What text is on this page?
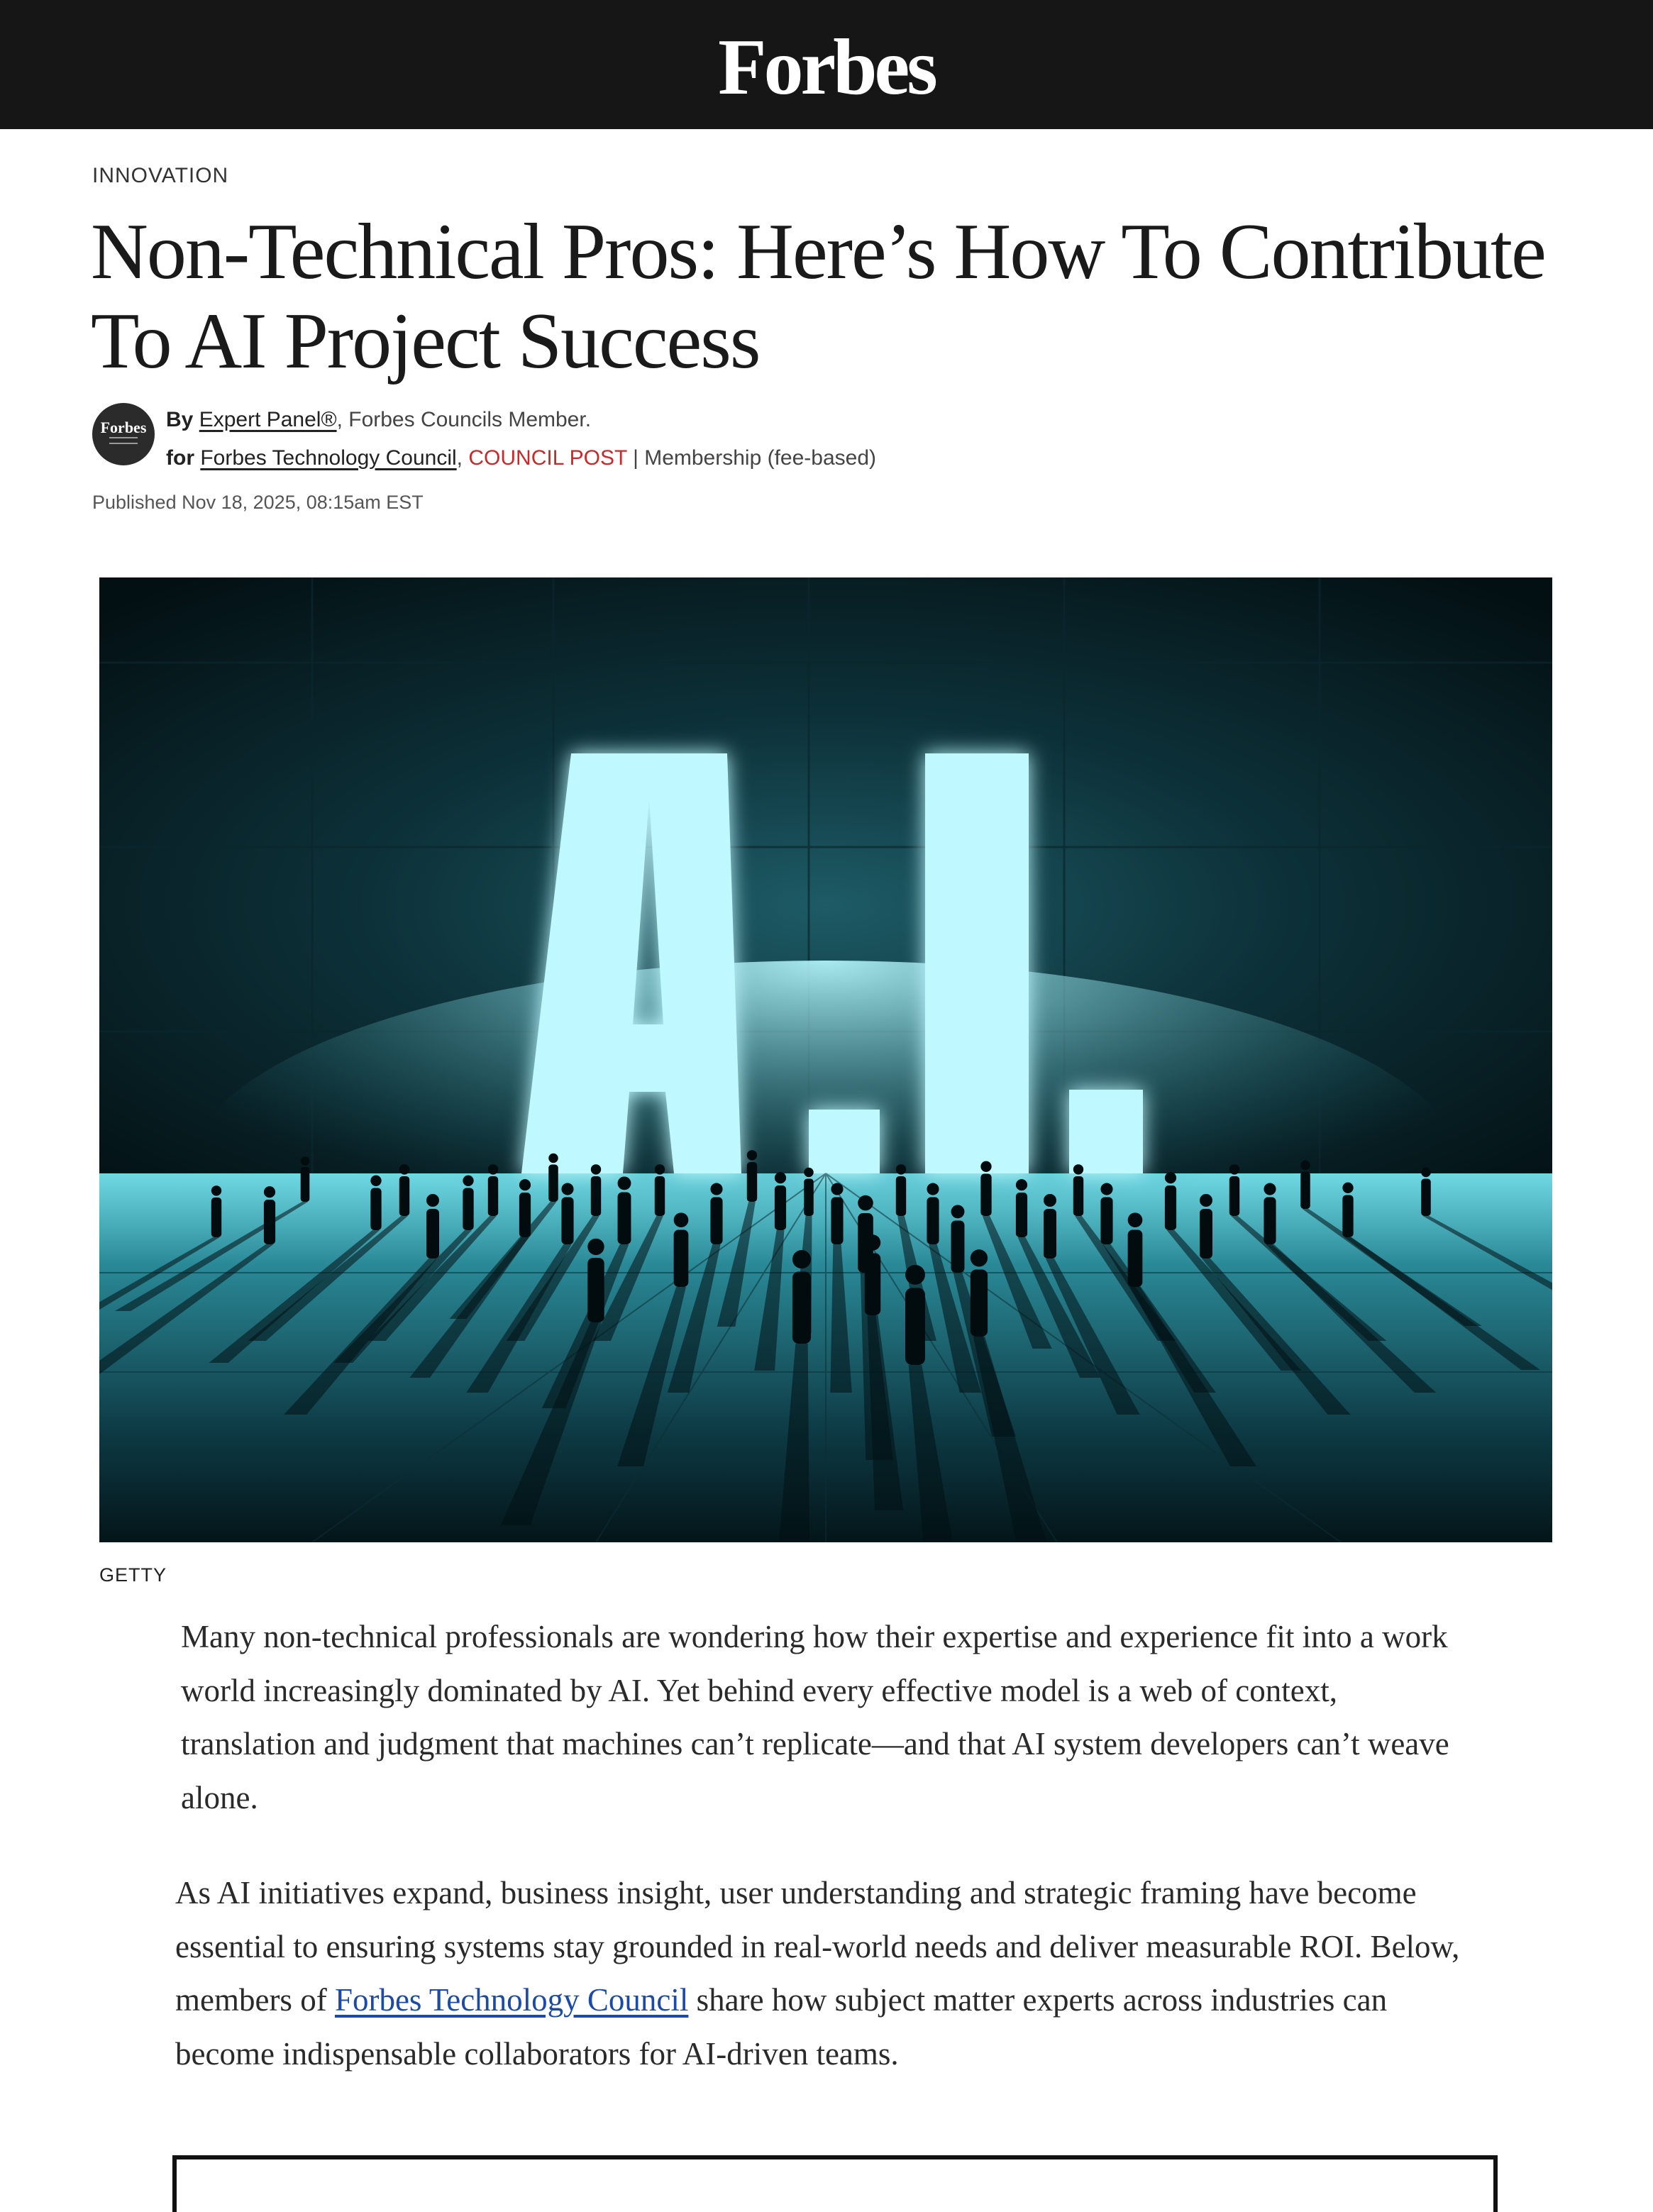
Forbes
INNOVATION
Non-Technical Pros: Here’s How To Contribute To AI Project Success
Forbes By Expert Panel®, Forbes Councils Member.
for Forbes Technology Council, COUNCIL POST | Membership (fee-based)
Published Nov 18, 2025, 08:15am EST
GETTY

Many non-technical professionals are wondering how their expertise and experience fit into a work world increasingly dominated by AI. Yet behind every effective model is a web of context, translation and judgment that machines can’t replicate—and that AI system developers can’t weave alone.

As AI initiatives expand, business insight, user understanding and strategic framing have become essential to ensuring systems stay grounded in real-world needs and deliver measurable ROI. Below, members of Forbes Technology Council share how subject matter experts across industries can become indispensable collaborators for AI-driven teams.
